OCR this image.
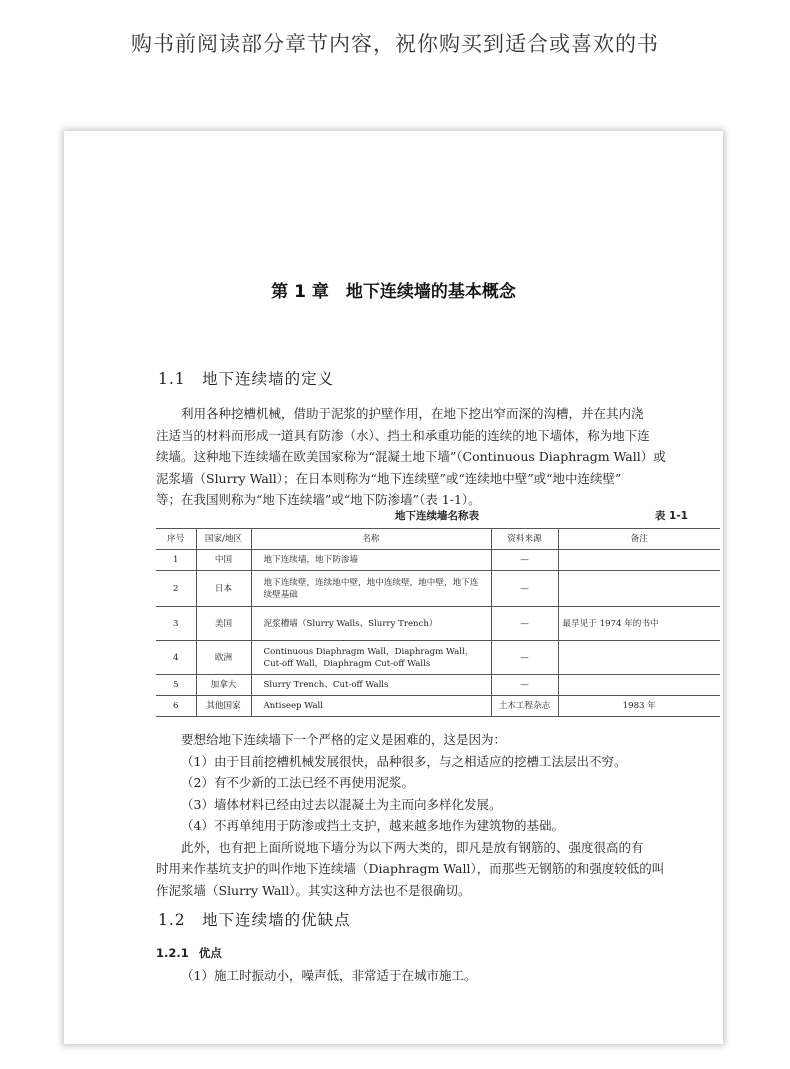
购书前阅读部分章节内容，祝你购买到适合或喜欢的书
第 1 章　地下连续墙的基本概念
1.1　地下连续墙的定义

利用各种挖槽机械，借助于泥浆的护壁作用，在地下挖出窄而深的沟槽，并在其内浇

注适当的材料而形成一道具有防渗（水）、挡土和承重功能的连续的地下墙体，称为地下连

续墙。这种地下连续墙在欧美国家称为“混凝土地下墙”（Continuous Diaphragm Wall）或

泥浆墙（Slurry Wall）；在日本则称为“地下连续壁”或“连续地中壁”或“地中连续壁”

等；在我国则称为“地下连续墙”或“地下防渗墙”（表 1-1）。

地下连续墙名称表	表 1-1
序号	国家/地区	名称	资料来源	备注
1	中国	地下连续墙，地下防渗墙	—	
2	日本	地下连续壁，连续地中壁，地中连续壁，地中壁，地下连续壁基础	—	
3	美国	泥浆槽墙（Slurry Walls、Slurry Trench）	—	最早见于 1974 年的书中
4	欧洲	Continuous Diaphragm Wall，Diaphragm Wall，Cut-off Wall，Diaphragm Cut-off Walls	—	
5	加拿大	Slurry Trench、Cut-off Walls	—	
6	其他国家	Antiseep Wall	土木工程杂志	1983 年

要想给地下连续墙下一个严格的定义是困难的，这是因为：

（1）由于目前挖槽机械发展很快，品种很多，与之相适应的挖槽工法层出不穷。

（2）有不少新的工法已经不再使用泥浆。

（3）墙体材料已经由过去以混凝土为主而向多样化发展。

（4）不再单纯用于防渗或挡土支护，越来越多地作为建筑物的基础。

此外，也有把上面所说地下墙分为以下两大类的，即凡是放有钢筋的、强度很高的有

时用来作基坑支护的叫作地下连续墙（Diaphragm Wall），而那些无钢筋的和强度较低的叫

作泥浆墙（Slurry Wall）。其实这种方法也不是很确切。

1.2　地下连续墙的优缺点
1.2.1 优点

（1）施工时振动小，噪声低，非常适于在城市施工。
